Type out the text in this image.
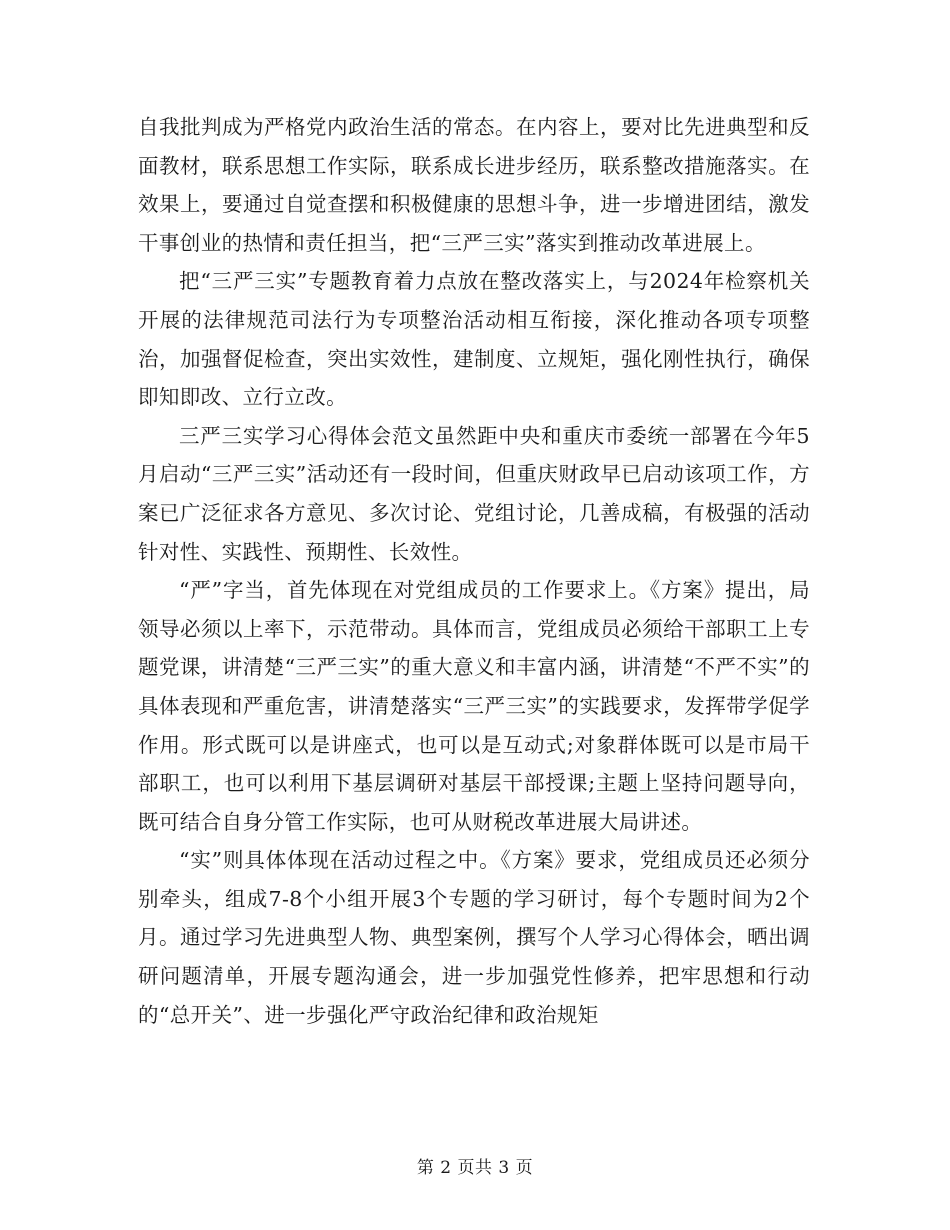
自我批判成为严格党内政治生活的常态。在内容上，要对比先进典型和反面教材，联系思想工作实际，联系成长进步经历，联系整改措施落实。在效果上，要通过自觉查摆和积极健康的思想斗争，进一步增进团结，激发干事创业的热情和责任担当，把“三严三实”落实到推动改革进展上。

把“三严三实”专题教育着力点放在整改落实上，与2024年检察机关开展的法律规范司法行为专项整治活动相互衔接，深化推动各项专项整治，加强督促检查，突出实效性，建制度、立规矩，强化刚性执行，确保即知即改、立行立改。

三严三实学习心得体会范文虽然距中央和重庆市委统一部署在今年5月启动“三严三实”活动还有一段时间，但重庆财政早已启动该项工作，方案已广泛征求各方意见、多次讨论、党组讨论，几善成稿，有极强的活动针对性、实践性、预期性、长效性。

“严”字当，首先体现在对党组成员的工作要求上。《方案》提出，局领导必须以上率下，示范带动。具体而言，党组成员必须给干部职工上专题党课，讲清楚“三严三实”的重大意义和丰富内涵，讲清楚“不严不实”的具体表现和严重危害，讲清楚落实“三严三实”的实践要求，发挥带学促学作用。形式既可以是讲座式，也可以是互动式;对象群体既可以是市局干部职工，也可以利用下基层调研对基层干部授课;主题上坚持问题导向，既可结合自身分管工作实际，也可从财税改革进展大局讲述。

“实”则具体体现在活动过程之中。《方案》要求，党组成员还必须分别牵头，组成7-8个小组开展3个专题的学习研讨，每个专题时间为2个月。通过学习先进典型人物、典型案例，撰写个人学习心得体会，晒出调研问题清单，开展专题沟通会，进一步加强党性修养，把牢思想和行动的“总开关”、进一步强化严守政治纪律和政治规矩

第 2 页共 3 页
